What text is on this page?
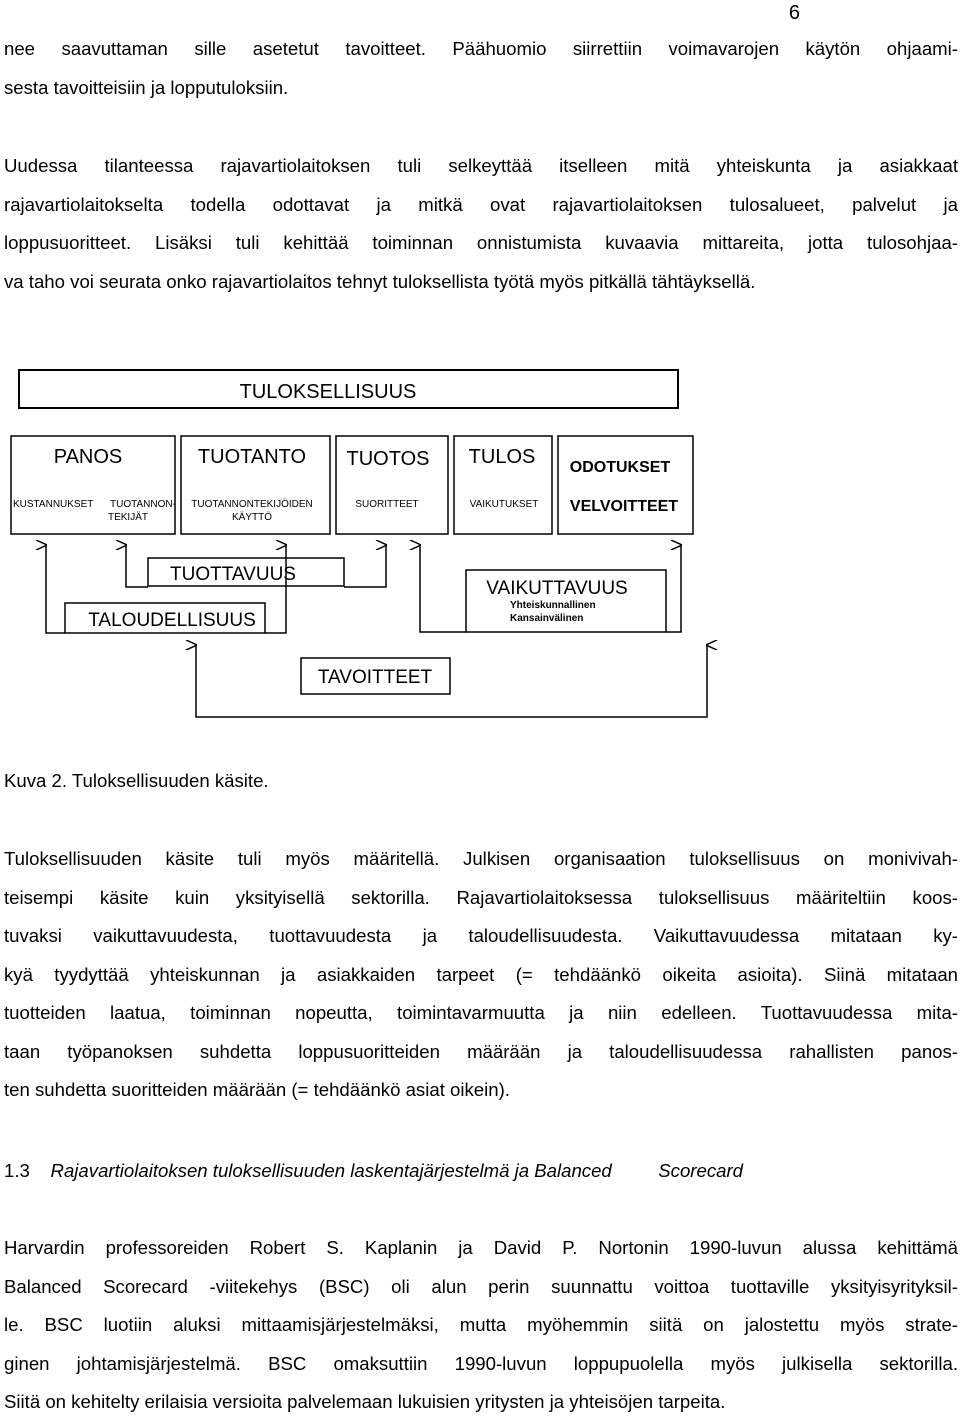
6

nee saavuttaman sille asetetut tavoitteet. Päähuomio siirrettiin voimavarojen käytön ohjaami-
sesta tavoitteisiin ja lopputuloksiin.

Uudessa tilanteessa rajavartiolaitoksen tuli selkeyttää itselleen mitä yhteiskunta ja asiakkaat
rajavartiolaitokselta todella odottavat ja mitkä ovat rajavartiolaitoksen tulosalueet, palvelut ja
loppusuoritteet. Lisäksi tuli kehittää toiminnan onnistumista kuvaavia mittareita, jotta tulosohjaa-
va taho voi seurata onko rajavartiolaitos tehnyt tuloksellista työtä myös pitkällä tähtäyksellä.

TULOKSELLISUUS
PANOS	TUOTANTO TUOTOS TULOS ODOTUKSET
KUSTANNUKSET TUOTANNON-
TEKIJÄT
TUOTANNONTEKIJÖIDEN
KÄYTTÖ
SUORITTEET	VAIKUTUKSET VELVOITTEET
TUOTTAVUUS
TALOUDELLISUUS
VAIKUTTAVUUS
Yhteiskunnallinen
Kansainvälinen
TAVOITTEET
Kuva 2. Tuloksellisuuden käsite.

Tuloksellisuuden käsite tuli myös määritellä. Julkisen organisaation tuloksellisuus on monivivah-
teisempi käsite kuin yksityisellä sektorilla. Rajavartiolaitoksessa tuloksellisuus määriteltiin koos-
tuvaksi vaikuttavuudesta, tuottavuudesta ja taloudellisuudesta. Vaikuttavuudessa mitataan ky-
kyä tyydyttää yhteiskunnan ja asiakkaiden tarpeet (= tehdäänkö oikeita asioita). Siinä mitataan
tuotteiden laatua, toiminnan nopeutta, toimintavarmuutta ja niin edelleen. Tuottavuudessa mita-
taan työpanoksen suhdetta loppusuoritteiden määrään ja taloudellisuudessa rahallisten panos-
ten suhdetta suoritteiden määrään (= tehdäänkö asiat oikein).

1.3 Rajavartiolaitoksen tuloksellisuuden laskentajärjestelmä ja Balanced	Scorecard

Harvardin professoreiden Robert S. Kaplanin ja David P. Nortonin 1990-luvun alussa kehittämä
Balanced Scorecard -viitekehys (BSC) oli alun perin suunnattu voittoa tuottaville yksityisyrityksil-
le. BSC luotiin aluksi mittaamisjärjestelmäksi, mutta myöhemmin siitä on jalostettu myös strate-
ginen johtamisjärjestelmä. BSC omaksuttiin 1990-luvun loppupuolella myös julkisella sektorilla.
Siitä on kehitelty erilaisia versioita palvelemaan lukuisien yritysten ja yhteisöjen tarpeita.
